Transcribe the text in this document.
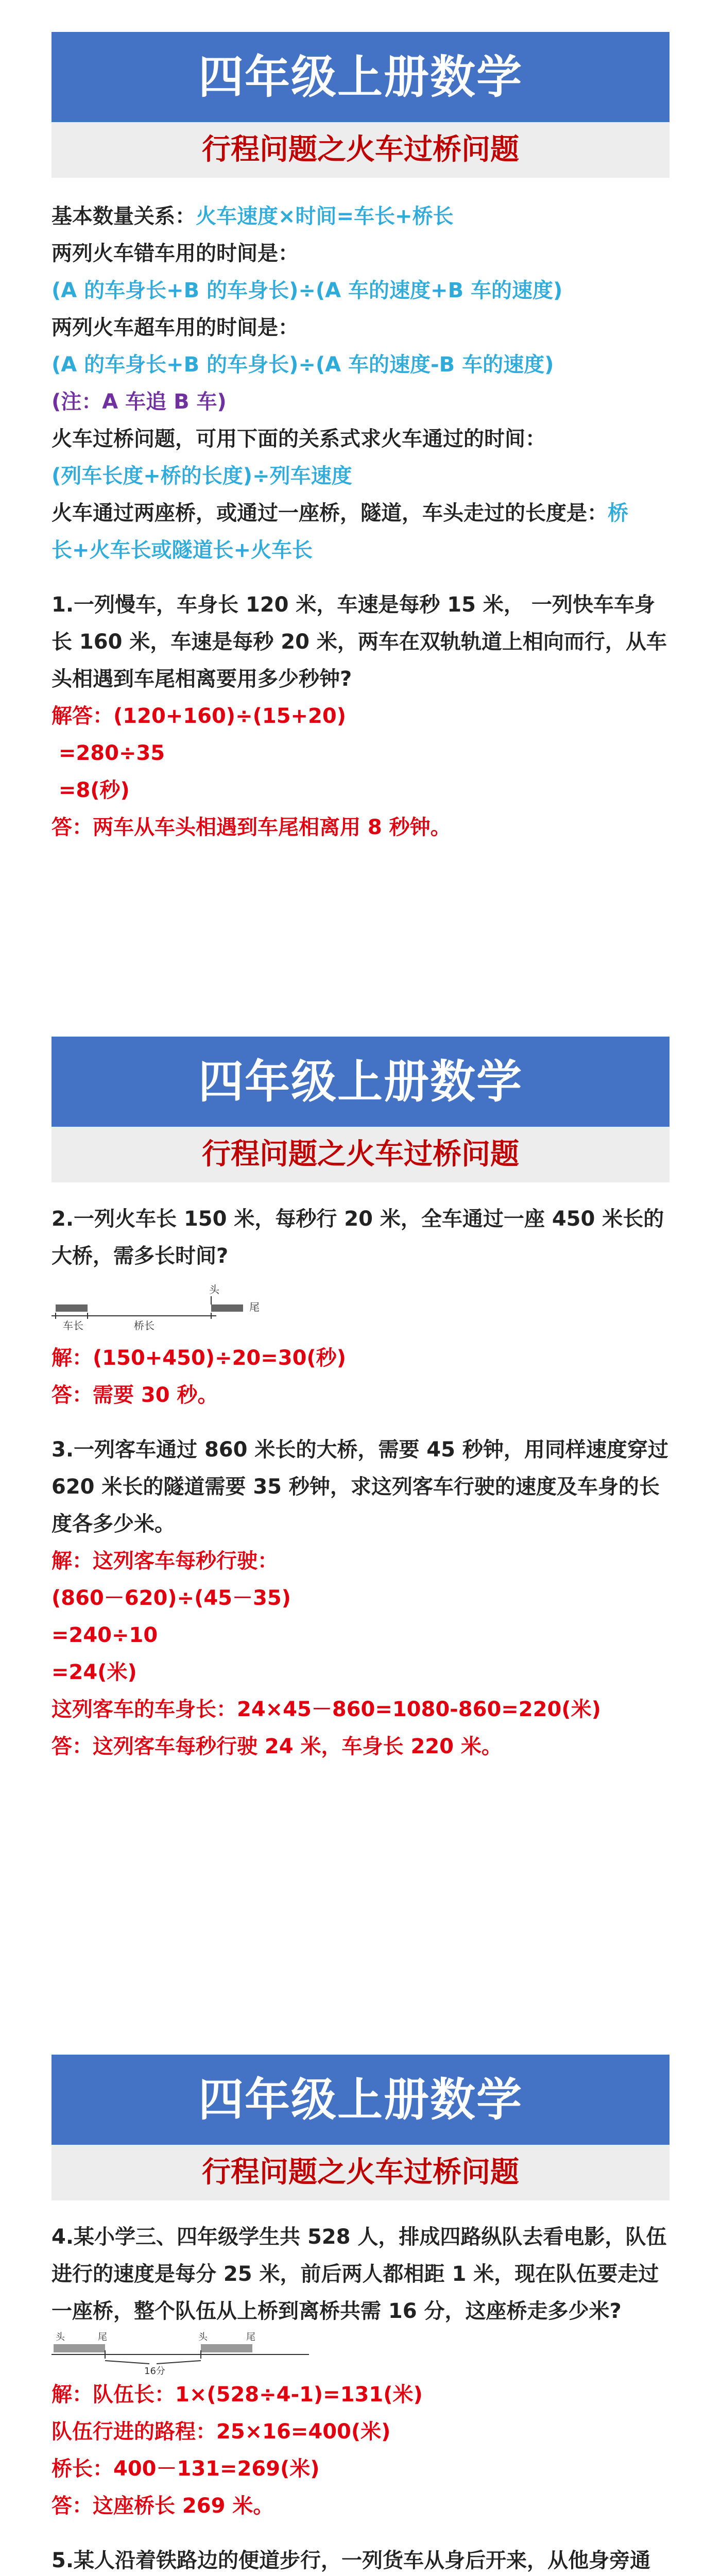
四年级上册数学
行程问题之火车过桥问题
基本数量关系：火车速度×时间=车长+桥长
两列火车错车用的时间是：
(A 的车身长+B 的车身长)÷(A 车的速度+B 车的速度)
两列火车超车用的时间是：
(A 的车身长+B 的车身长)÷(A 车的速度-B 车的速度)
(注：A 车追 B 车)
火车过桥问题，可用下面的关系式求火车通过的时间：
(列车长度+桥的长度)÷列车速度
火车通过两座桥，或通过一座桥，隧道，车头走过的长度是：桥
长+火车长或隧道长+火车长
1.一列慢车，车身长 120 米，车速是每秒 15 米， 一列快车车身长 160 米，车速是每秒 20 米，两车在双轨轨道上相向而行，从车头相遇到车尾相离要用多少秒钟?
解答：(120+160)÷(15+20)
=280÷35
=8(秒)
答：两车从车头相遇到车尾相离用 8 秒钟。
四年级上册数学
行程问题之火车过桥问题
2.一列火车长 150 米，每秒行 20 米，全车通过一座 450 米长的大桥，需多长时间?
头
尾
车长	桥长
解：(150+450)÷20=30(秒)
答：需要 30 秒。
3.一列客车通过 860 米长的大桥，需要 45 秒钟，用同样速度穿过 620 米长的隧道需要 35 秒钟，求这列客车行驶的速度及车身的长度各多少米。
解：这列客车每秒行驶：
(860－620)÷(45－35)
=240÷10
=24(米)
这列客车的车身长：24×45－860=1080-860=220(米)
答：这列客车每秒行驶 24 米，车身长 220 米。
四年级上册数学
行程问题之火车过桥问题
4.某小学三、四年级学生共 528 人，排成四路纵队去看电影，队伍进行的速度是每分 25 米，前后两人都相距 1 米，现在队伍要走过一座桥，整个队伍从上桥到离桥共需 16 分，这座桥走多少米?
头	尾	头	尾
16分
解：队伍长：1×(528÷4-1)=131(米)
队伍行进的路程：25×16=400(米)
桥长：400－131=269(米)
答：这座桥长 269 米。
5.某人沿着铁路边的便道步行，一列货车从身后开来，从他身旁通
